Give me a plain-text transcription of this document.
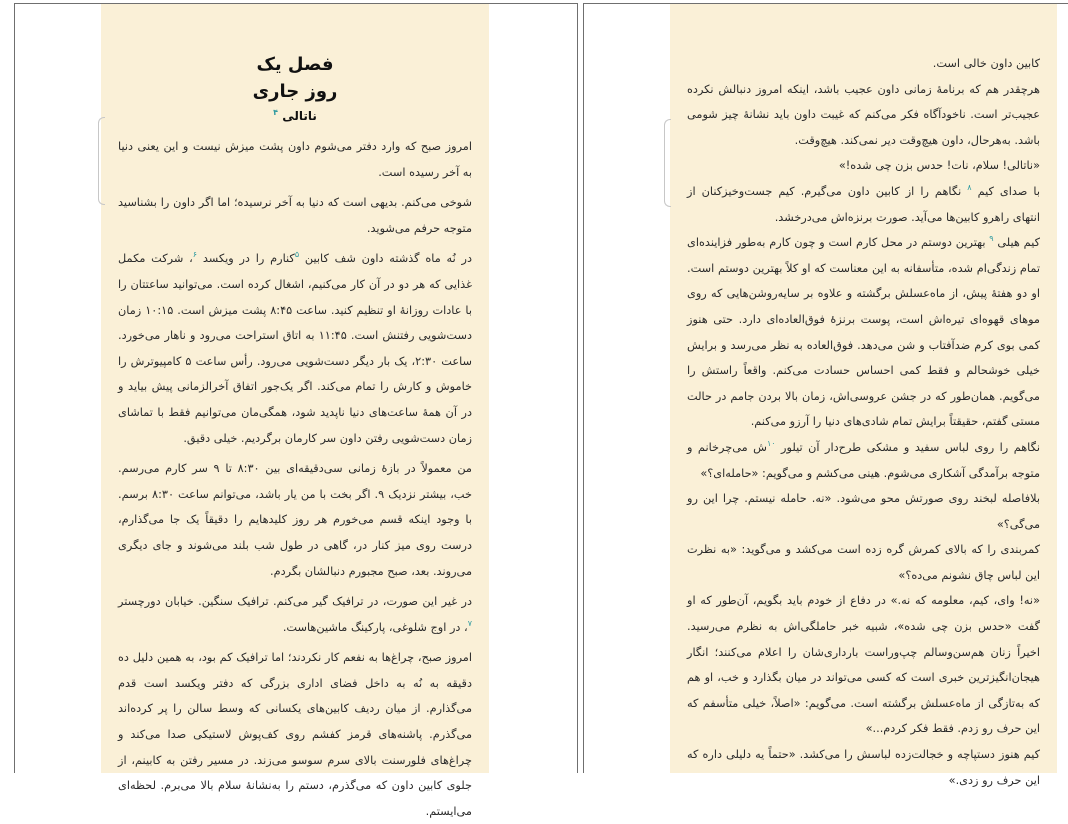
فصل یک
روز جاری
ناتالی $^۴$

امروز صبح که وارد دفتر می‌شوم داون پشت میزش نیست و این یعنی دنیا به آخر رسیده است.

شوخی می‌کنم. بدیهی است که دنیا به آخر نرسیده؛ اما اگر داون را بشناسید متوجه حرفم می‌شوید.

در نُه ماه گذشته داون شف کابین $^۵$کنارم را در ویکسد $^۶$، شرکت مکمل غذایی که هر دو در آن کار می‌کنیم، اشغال کرده است. می‌توانید ساعتتان را با عادات روزانهٔ او تنظیم کنید. ساعت ۸:۴۵ پشت میزش است. ۱۰:۱۵ زمان دست‌شویی رفتنش است. ۱۱:۴۵ به اتاق استراحت می‌رود و ناهار می‌خورد. ساعت ۲:۳۰، یک بار دیگر دست‌شویی می‌رود. رأس ساعت ۵ کامپیوترش را خاموش و کارش را تمام می‌کند. اگر یک‌جور اتفاق آخرالزمانی پیش بیاید و در آن همهٔ ساعت‌های دنیا ناپدید شود، همگی‌مان می‌توانیم فقط با تماشای زمان دست‌شویی رفتن داون سر کارمان برگردیم. خیلی دقیق.

من معمولاً در بازهٔ زمانی سی‌دقیقه‌ای بین ۸:۳۰ تا ۹ سر کارم می‌رسم. خب، بیشتر نزدیک ۹. اگر بخت با من یار باشد، می‌توانم ساعت ۸:۳۰ برسم. با وجود اینکه قسم می‌خورم هر روز کلیدهایم را دقیقاً یک جا می‌گذارم، درست روی میز کنار در، گاهی در طول شب بلند می‌شوند و جای دیگری می‌روند. بعد، صبح مجبورم دنبالشان بگردم.

در غیر این صورت، در ترافیک گیر می‌کنم. ترافیک سنگین. خیابان دورچستر $^۷$، در اوج شلوغی، پارکینگ ماشین‌هاست.

امروز صبح، چراغ‌ها به نفعم کار نکردند؛ اما ترافیک کم بود، به همین دلیل ده دقیقه به نُه به داخل فضای اداری بزرگی که دفتر ویکسد است قدم می‌گذارم. از میان ردیف کابین‌های یکسانی که وسط سالن را پر کرده‌اند می‌گذرم. پاشنه‌های قرمز کفشم روی کف‌پوش لاستیکی صدا می‌کند و چراغ‌های فلورسنت بالای سرم سوسو می‌زند. در مسیر رفتن به کابینم، از جلوی کابین داون که می‌گذرم، دستم را به‌نشانهٔ سلام بالا می‌برم. لحظه‌ای می‌ایستم.

کابین داون خالی است.

هرچقدر هم که برنامهٔ زمانی داون عجیب باشد، اینکه امروز دنبالش نکرده عجیب‌تر است. ناخودآگاه فکر می‌کنم که غیبت داون باید نشانهٔ چیز شومی باشد. به‌هرحال، داون هیچ‌وقت دیر نمی‌کند. هیچ‌وقت.

«ناتالی! سلام، نات! حدس بزن چی شده!»

با صدای کیم $^۸$ نگاهم را از کابین داون می‌گیرم. کیم جست‌وخیزکنان از انتهای راهرو کابین‌ها می‌آید. صورت برنزه‌اش می‌درخشد.

کیم هیلی $^۹$ بهترین دوستم در محل کارم است و چون کارم به‌طور فزاینده‌ای تمام زندگی‌ام شده، متأسفانه به این معناست که او کلاً بهترین دوستم است. او دو هفتهٔ پیش، از ماه‌عسلش برگشته و علاوه بر سایه‌روشن‌هایی که روی موهای قهوه‌ای تیره‌اش است، پوست برنزهٔ فوق‌العاده‌ای دارد. حتی هنوز کمی بوی کرم ضدآفتاب و شن می‌دهد. فوق‌العاده به نظر می‌رسد و برایش خیلی خوشحالم و فقط کمی احساس حسادت می‌کنم. واقعاً راستش را می‌گویم. همان‌طور که در جشن عروسی‌اش، زمان بالا بردن جامم در حالت مستی گفتم، حقیقتاً برایش تمام شادی‌های دنیا را آرزو می‌کنم.

نگاهم را روی لباس سفید و مشکی طرح‌دار آن تیلور $^{۱۰}$ش می‌چرخانم و متوجه برآمدگی آشکاری می‌شوم. هینی می‌کشم و می‌گویم: «حامله‌ای؟»

بلافاصله لبخند روی صورتش محو می‌شود. «نه. حامله نیستم. چرا این رو می‌گی؟»

کمربندی را که بالای کمرش گره زده است می‌کشد و می‌گوید: «به نظرت این لباس چاق نشونم می‌ده؟»

«نه! وای، کیم، معلومه که نه.» در دفاع از خودم باید بگویم، آن‌طور که او گفت «حدس بزن چی شده»، شبیه خبر حاملگی‌اش به نظرم می‌رسید. اخیراً زنان هم‌سن‌وسالم چپ‌وراست بارداری‌شان را اعلام می‌کنند؛ انگار هیجان‌انگیزترین خبری است که کسی می‌تواند در میان بگذارد و خب، او هم که به‌تازگی از ماه‌عسلش برگشته است. می‌گویم: «اصلاً، خیلی متأسفم که این حرف رو زدم. فقط فکر کردم...»

کیم هنوز دستپاچه و خجالت‌زده لباسش را می‌کشد. «حتماً یه دلیلی داره که این حرف رو زدی.»
